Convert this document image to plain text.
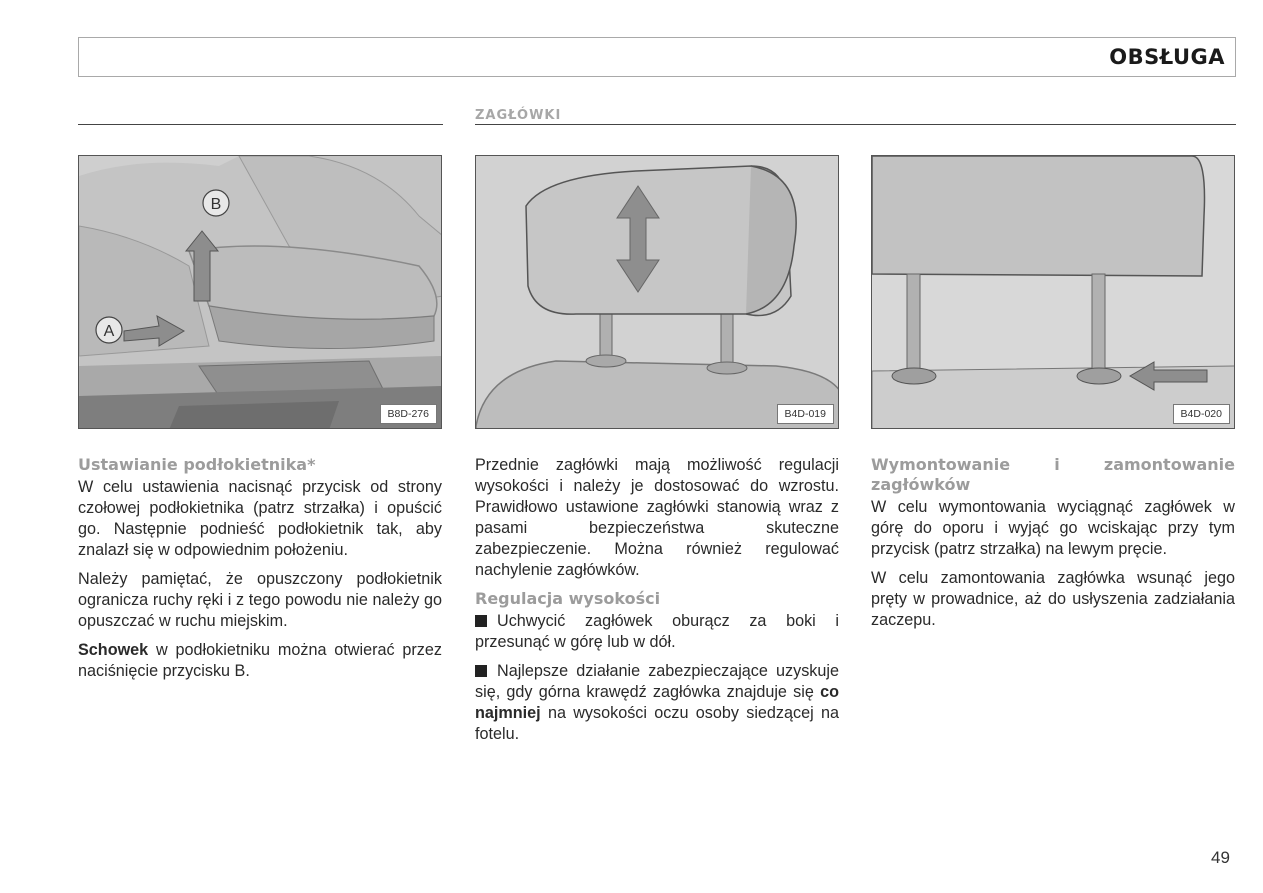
OBSŁUGA
ZAGŁÓWKI
B
A
B8D-276	B4D-019	B4D-020
Ustawianie podłokietnika*

W celu ustawienia nacisnąć przycisk od strony czołowej podłokietnika (patrz strzałka) i opuścić go. Następnie podnieść podłokietnik tak, aby znalazł się w odpowiednim położeniu.

Należy pamiętać, że opuszczony podłokietnik ogranicza ruchy ręki i z tego powodu nie należy go opuszczać w ruchu miejskim.

Schowek w podłokietniku można otwierać przez naciśnięcie przycisku B.

Przednie zagłówki mają możliwość regulacji wysokości i należy je dostosować do wzrostu. Prawidłowo ustawione zagłówki stanowią wraz z pasami bezpieczeństwa skuteczne zabezpieczenie. Można również regulować nachylenie zagłówków.

Regulacja wysokości

Uchwycić zagłówek oburącz za boki i przesunąć w górę lub w dół.

Najlepsze działanie zabezpieczające uzyskuje się, gdy górna krawędź zagłówka znajduje się co najmniej na wysokości oczu osoby siedzącej na fotelu.

Wymontowanie i zamontowanie zagłówków

W celu wymontowania wyciągnąć zagłówek w górę do oporu i wyjąć go wciskając przy tym przycisk (patrz strzałka) na lewym pręcie.

W celu zamontowania zagłówka wsunąć jego pręty w prowadnice, aż do usłyszenia zadziałania zaczepu.

49
